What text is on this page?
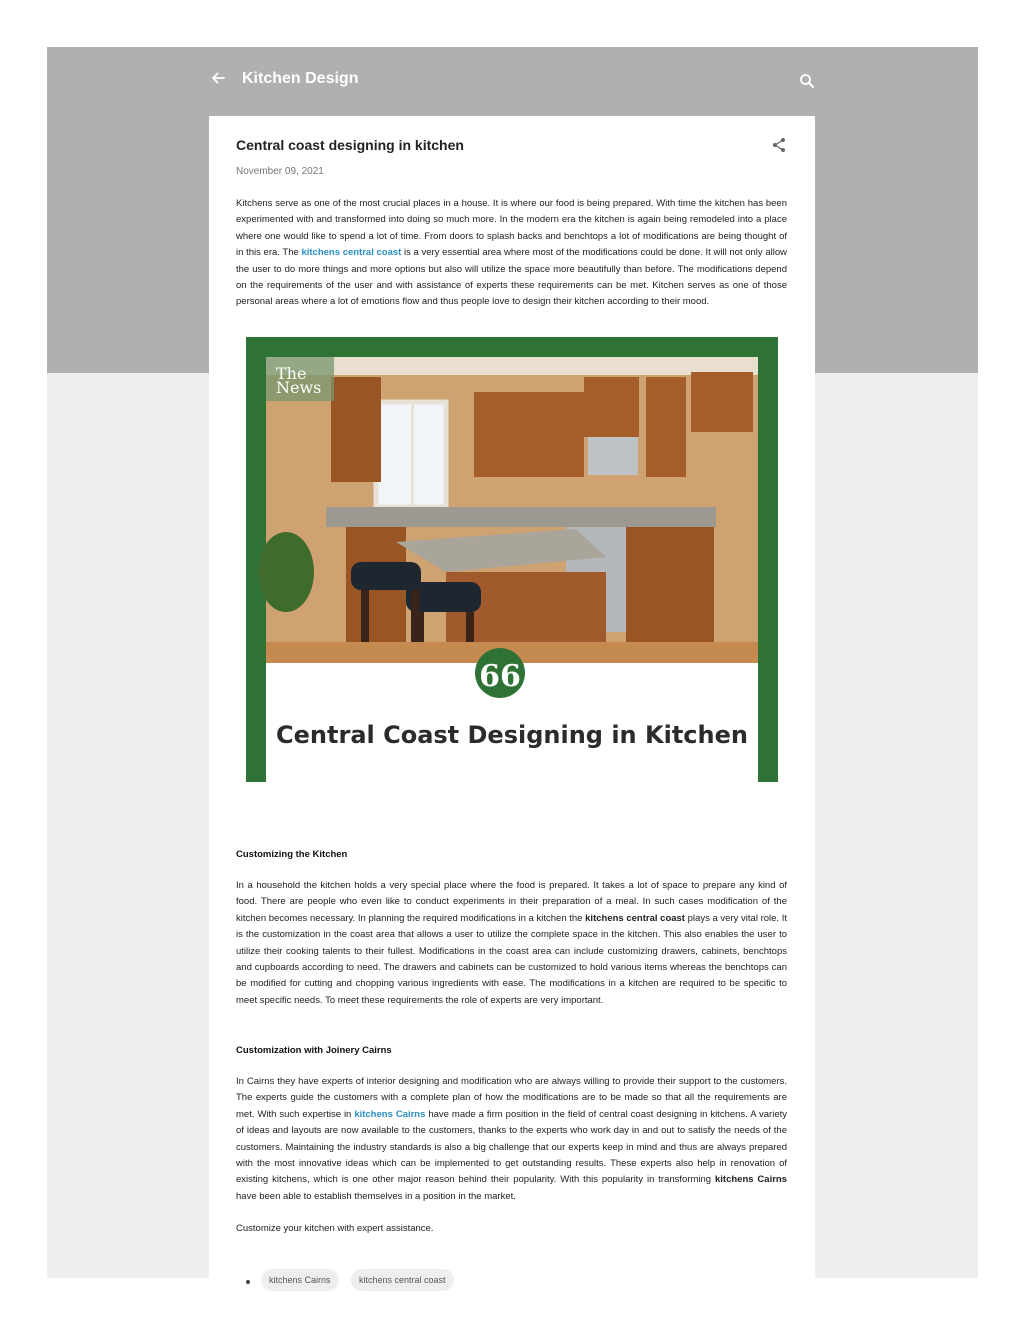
Kitchen Design
Central coast designing in kitchen
November 09, 2021

Kitchens serve as one of the most crucial places in a house. It is where our food is being prepared. With time the kitchen has been experimented with and transformed into doing so much more. In the modern era the kitchen is again being remodeled into a place where one would like to spend a lot of time. From doors to splash backs and benchtops a lot of modifications are being thought of in this era. The kitchens central coast is a very essential area where most of the modifications could be done. It will not only allow the user to do more things and more options but also will utilize the space more beautifully than before. The modifications depend on the requirements of the user and with assistance of experts these requirements can be met. Kitchen serves as one of those personal areas where a lot of emotions flow and thus people love to design their kitchen according to their mood.

The
News
66
Central Coast Designing in Kitchen
Customizing the Kitchen

In a household the kitchen holds a very special place where the food is prepared. It takes a lot of space to prepare any kind of food. There are people who even like to conduct experiments in their preparation of a meal. In such cases modification of the kitchen becomes necessary. In planning the required modifications in a kitchen the kitchens central coast plays a very vital role. It is the customization in the coast area that allows a user to utilize the complete space in the kitchen. This also enables the user to utilize their cooking talents to their fullest. Modifications in the coast area can include customizing drawers, cabinets, benchtops and cupboards according to need. The drawers and cabinets can be customized to hold various items whereas the benchtops can be modified for cutting and chopping various ingredients with ease. The modifications in a kitchen are required to be specific to meet specific needs. To meet these requirements the role of experts are very important.

Customization with Joinery Cairns

In Cairns they have experts of interior designing and modification who are always willing to provide their support to the customers. The experts guide the customers with a complete plan of how the modifications are to be made so that all the requirements are met. With such expertise in kitchens Cairns have made a firm position in the field of central coast designing in kitchens. A variety of ideas and layouts are now available to the customers, thanks to the experts who work day in and out to satisfy the needs of the customers. Maintaining the industry standards is also a big challenge that our experts keep in mind and thus are always prepared with the most innovative ideas which can be implemented to get outstanding results. These experts also help in renovation of existing kitchens, which is one other major reason behind their popularity. With this popularity in transforming kitchens Cairns have been able to establish themselves in a position in the market.

Customize your kitchen with expert assistance.

kitchens Cairns	kitchens central coast
